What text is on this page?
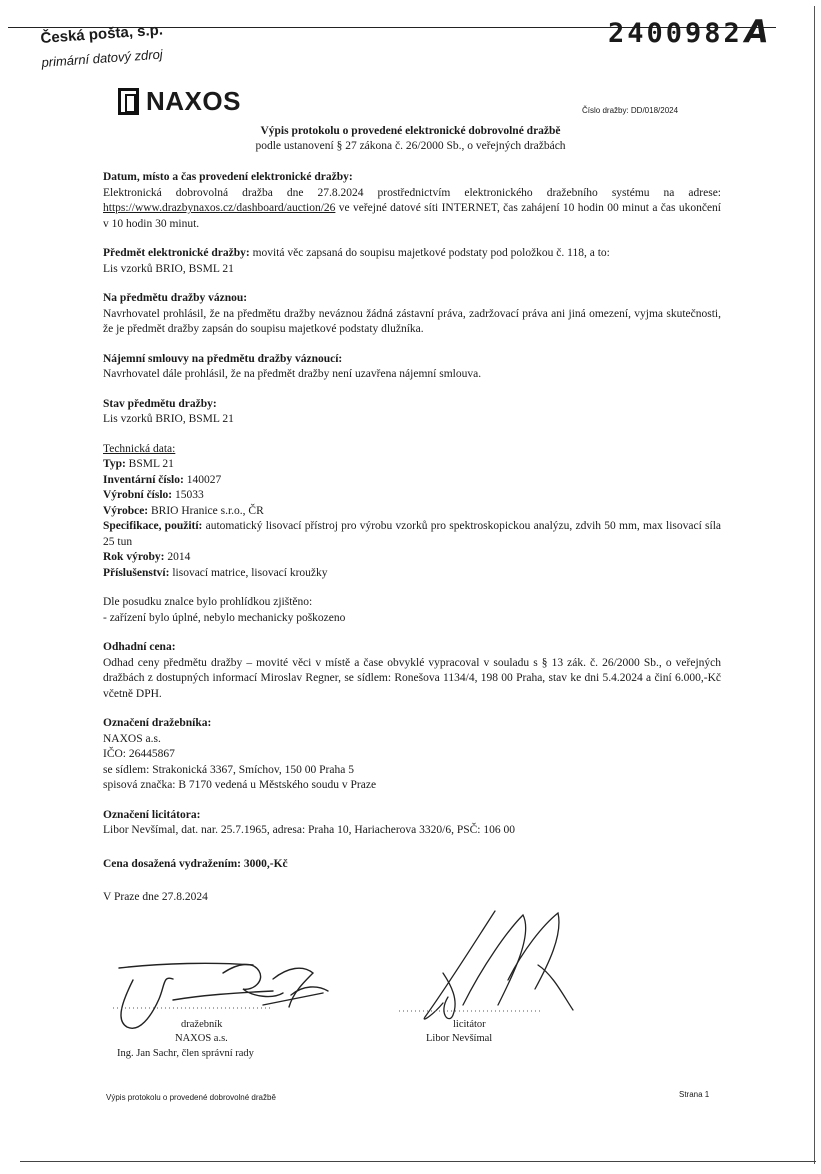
2400982A
Česká pošta, s.p.
primární datový zdroj
NAXOS	Číslo dražby: DD/018/2024
Výpis protokolu o provedené elektronické dobrovolné dražbě
podle ustanovení § 27 zákona č. 26/2000 Sb., o veřejných dražbách

Datum, místo a čas provedení elektronické dražby:

Elektronická dobrovolná dražba dne 27.8.2024 prostřednictvím elektronického dražebního systému na adrese: https://www.drazbynaxos.cz/dashboard/auction/26 ve veřejné datové síti INTERNET, čas zahájení 10 hodin 00 minut a čas ukončení v 10 hodin 30 minut.

Předmět elektronické dražby: movitá věc zapsaná do soupisu majetkové podstaty pod položkou č. 118, a to:

Lis vzorků BRIO, BSML 21

Na předmětu dražby váznou:

Navrhovatel prohlásil, že na předmětu dražby neváznou žádná zástavní práva, zadržovací práva ani jiná omezení, vyjma skutečnosti, že je předmět dražby zapsán do soupisu majetkové podstaty dlužníka.

Nájemní smlouvy na předmětu dražby váznoucí:

Navrhovatel dále prohlásil, že na předmět dražby není uzavřena nájemní smlouva.

Stav předmětu dražby:

Lis vzorků BRIO, BSML 21

Technická data:

Typ: BSML 21

Inventární číslo: 140027

Výrobní číslo: 15033

Výrobce: BRIO Hranice s.r.o., ČR

Specifikace, použití: automatický lisovací přístroj pro výrobu vzorků pro spektroskopickou analýzu, zdvih 50 mm, max lisovací síla 25 tun

Rok výroby: 2014

Příslušenství: lisovací matrice, lisovací kroužky

Dle posudku znalce bylo prohlídkou zjištěno:

- zařízení bylo úplné, nebylo mechanicky poškozeno

Odhadní cena:

Odhad ceny předmětu dražby – movité věci v místě a čase obvyklé vypracoval v souladu s § 13 zák. č. 26/2000 Sb., o veřejných dražbách z dostupných informací Miroslav Regner, se sídlem: Ronešova 1134/4, 198 00 Praha, stav ke dni 5.4.2024 a činí 6.000,-Kč včetně DPH.

Označení dražebníka:

NAXOS a.s.

IČO: 26445867

se sídlem: Strakonická 3367, Smíchov, 150 00 Praha 5

spisová značka: B 7170 vedená u Městského soudu v Praze

Označení licitátora:

Libor Nevšímal, dat. nar. 25.7.1965, adresa: Praha 10, Hariacherova 3320/6, PSČ: 106 00

Cena dosažená vydražením: 3000,-Kč

V Praze dne 27.8.2024

dražebník
NAXOS a.s.
Ing. Jan Sachr, člen správní rady
licitátor
Libor Nevšímal
Výpis protokolu o provedené dobrovolné dražbě	Strana 1
